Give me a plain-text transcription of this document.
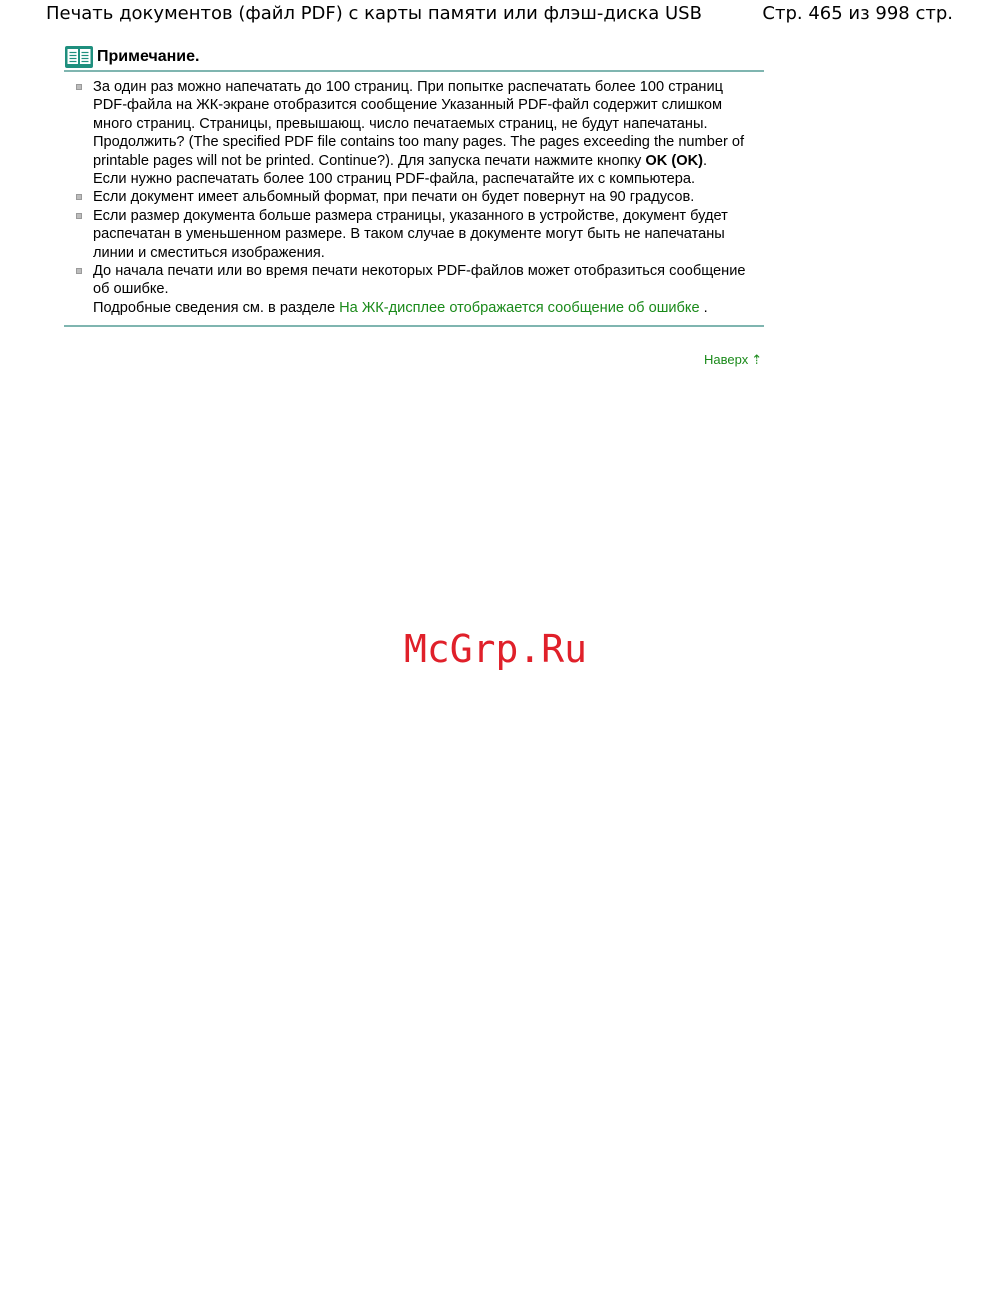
Печать документов (файл PDF) с карты памяти или флэш-диска USB	Стр. 465 из 998 стр.
Примечание.
За один раз можно напечатать до 100 страниц. При попытке распечатать более 100 страниц PDF-файла на ЖК-экране отобразится сообщение Указанный PDF-файл содержит слишком много страниц. Страницы, превышающ. число печатаемых страниц, не будут напечатаны. Продолжить? (The specified PDF file contains too many pages. The pages exceeding the number of printable pages will not be printed. Continue?). Для запуска печати нажмите кнопку OK (OK).
Если нужно распечатать более 100 страниц PDF-файла, распечатайте их с компьютера.
Если документ имеет альбомный формат, при печати он будет повернут на 90 градусов.
Если размер документа больше размера страницы, указанного в устройстве, документ будет распечатан в уменьшенном размере. В таком случае в документе могут быть не напечатаны линии и сместиться изображения.
До начала печати или во время печати некоторых PDF-файлов может отобразиться сообщение об ошибке.
Подробные сведения см. в разделе На ЖК-дисплее отображается сообщение об ошибке .
Наверх ⇡
McGrp.Ru
